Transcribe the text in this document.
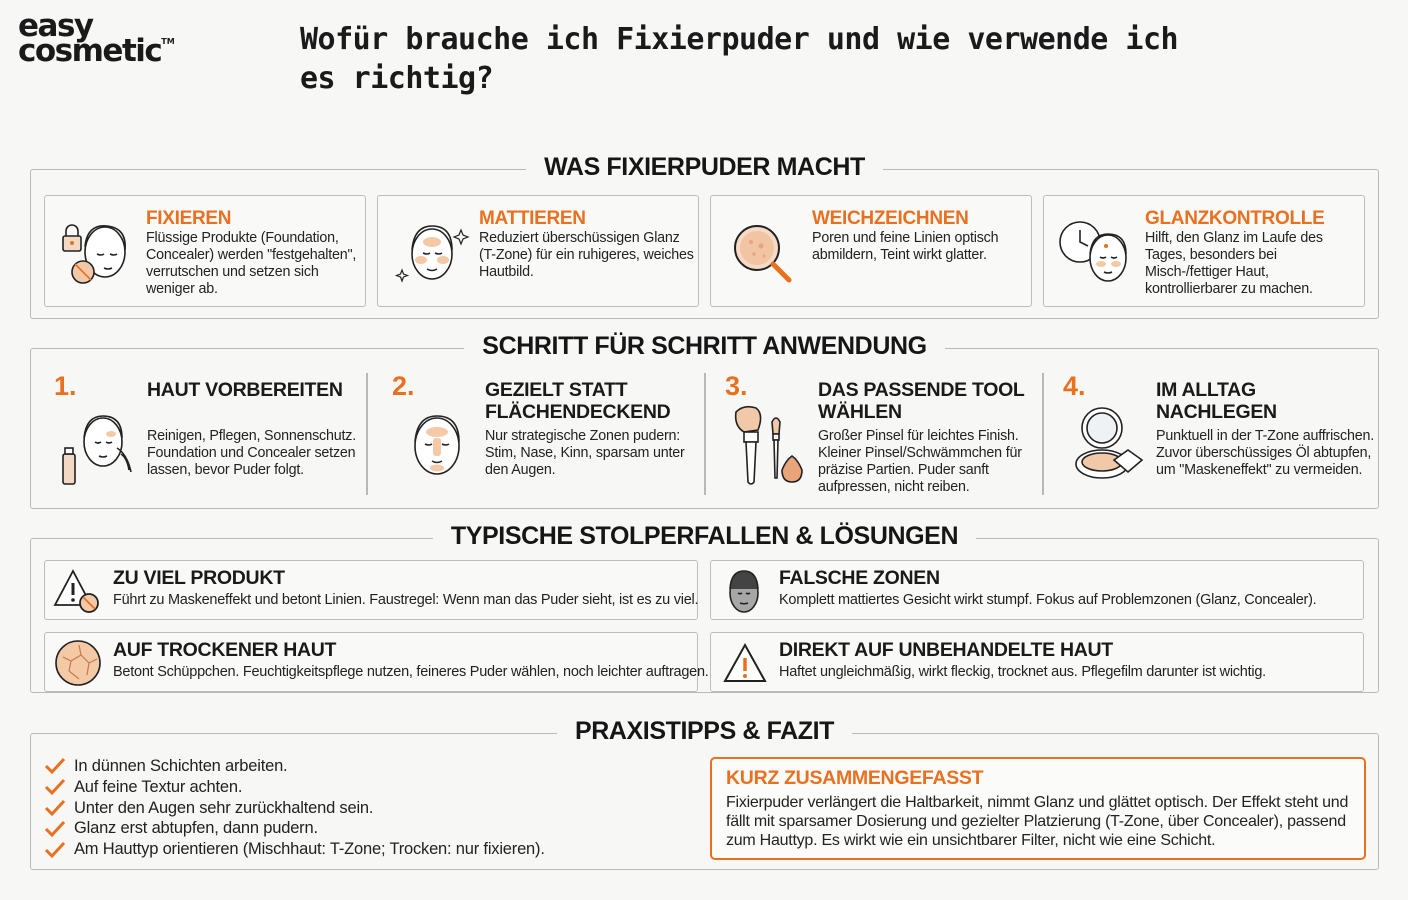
easy
cosmetic™	Wofür brauche ich Fixierpuder und wie verwende ich es richtig?
WAS FIXIERPUDER MACHT
FIXIEREN
Flüssige Produkte (Foundation, Concealer) werden "festgehalten", verrutschen und setzen sich weniger ab.
MATTIEREN
Reduziert überschüssigen Glanz (T-Zone) für ein ruhigeres, weiches Hautbild.
WEICHZEICHNEN
Poren und feine Linien optisch abmildern, Teint wirkt glatter.
GLANZKONTROLLE
Hilft, den Glanz im Laufe des Tages, besonders bei Misch-/fettiger Haut, kontrollierbarer zu machen.
SCHRITT FÜR SCHRITT ANWENDUNG
1.	HAUT VORBEREITEN
Reinigen, Pflegen, Sonnenschutz. Foundation und Concealer setzen lassen, bevor Puder folgt.
2.	GEZIELT STATT FLÄCHENDECKEND
Nur strategische Zonen pudern: Stim, Nase, Kinn, sparsam unter den Augen.
3.	DAS PASSENDE TOOL WÄHLEN
Großer Pinsel für leichtes Finish. Kleiner Pinsel/Schwämmchen für präzise Partien. Puder sanft aufpressen, nicht reiben.
4.	IM ALLTAG NACHLEGEN
Punktuell in der T-Zone auffrischen. Zuvor überschüssiges Öl abtupfen, um "Maskeneffekt" zu vermeiden.
TYPISCHE STOLPERFALLEN & LÖSUNGEN
ZU VIEL PRODUKT
Führt zu Maskeneffekt und betont Linien. Faustregel: Wenn man das Puder sieht, ist es zu viel.
FALSCHE ZONEN
Komplett mattiertes Gesicht wirkt stumpf. Fokus auf Problemzonen (Glanz, Concealer).
AUF TROCKENER HAUT
Betont Schüppchen. Feuchtigkeitspflege nutzen, feineres Puder wählen, noch leichter auftragen.
DIREKT AUF UNBEHANDELTE HAUT
Haftet ungleichmäßig, wirkt fleckig, trocknet aus. Pflegefilm darunter ist wichtig.
PRAXISTIPPS & FAZIT
In dünnen Schichten arbeiten.
Auf feine Textur achten.
Unter den Augen sehr zurückhaltend sein.
Glanz erst abtupfen, dann pudern.
Am Hauttyp orientieren (Mischhaut: T-Zone; Trocken: nur fixieren).
KURZ ZUSAMMENGEFASST
Fixierpuder verlängert die Haltbarkeit, nimmt Glanz und glättet optisch. Der Effekt steht und fällt mit sparsamer Dosierung und gezielter Platzierung (T-Zone, über Concealer), passend zum Hauttyp. Es wirkt wie ein unsichtbarer Filter, nicht wie eine Schicht.
